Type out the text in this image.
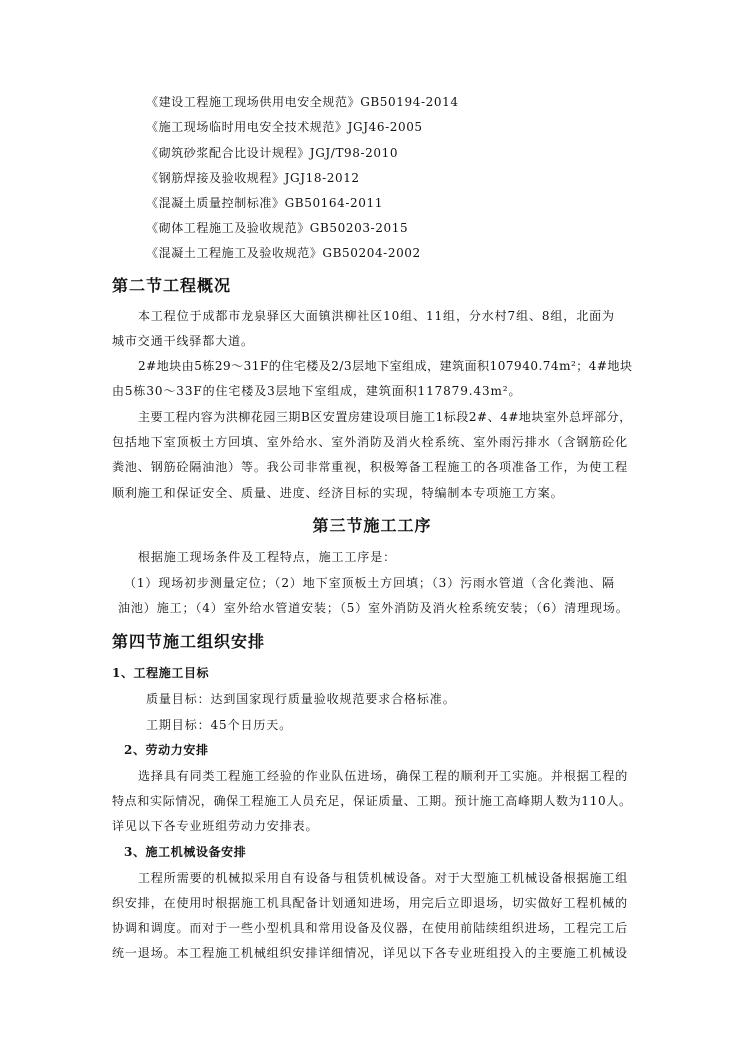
《建设工程施工现场供用电安全规范》GB50194-2014
《施工现场临时用电安全技术规范》JGJ46-2005
《砌筑砂浆配合比设计规程》JGJ/T98-2010
《钢筋焊接及验收规程》JGJ18-2012
《混凝土质量控制标准》GB50164-2011
《砌体工程施工及验收规范》GB50203-2015
《混凝土工程施工及验收规范》GB50204-2002
第二节工程概况
本工程位于成都市龙泉驿区大面镇洪柳社区10组、11组，分水村7组、8组，北面为
城市交通干线驿都大道。
2#地块由5栋29～31F的住宅楼及2/3层地下室组成，建筑面积107940.74m²；4#地块
由5栋30～33F的住宅楼及3层地下室组成，建筑面积117879.43m²。
主要工程内容为洪柳花园三期B区安置房建设项目施工1标段2#、4#地块室外总坪部分，
包括地下室顶板土方回填、室外给水、室外消防及消火栓系统、室外雨污排水（含钢筋砼化
粪池、钢筋砼隔油池）等。我公司非常重视，积极筹备工程施工的各项准备工作，为使工程
顺利施工和保证安全、质量、进度、经济目标的实现，特编制本专项施工方案。
第三节施工工序
根据施工现场条件及工程特点，施工工序是：
（1）现场初步测量定位；（2）地下室顶板土方回填；（3）污雨水管道（含化粪池、隔
油池）施工；（4）室外给水管道安装；（5）室外消防及消火栓系统安装；（6）清理现场。
第四节施工组织安排
1、工程施工目标
质量目标：达到国家现行质量验收规范要求合格标准。
工期目标：45个日历天。
2、劳动力安排
选择具有同类工程施工经验的作业队伍进场，确保工程的顺利开工实施。并根据工程的
特点和实际情况，确保工程施工人员充足，保证质量、工期。预计施工高峰期人数为110人。
详见以下各专业班组劳动力安排表。
3、施工机械设备安排
工程所需要的机械拟采用自有设备与租赁机械设备。对于大型施工机械设备根据施工组
织安排，在使用时根据施工机具配备计划通知进场，用完后立即退场，切实做好工程机械的
协调和调度。而对于一些小型机具和常用设备及仪器，在使用前陆续组织进场，工程完工后
统一退场。本工程施工机械组织安排详细情况，详见以下各专业班组投入的主要施工机械设
